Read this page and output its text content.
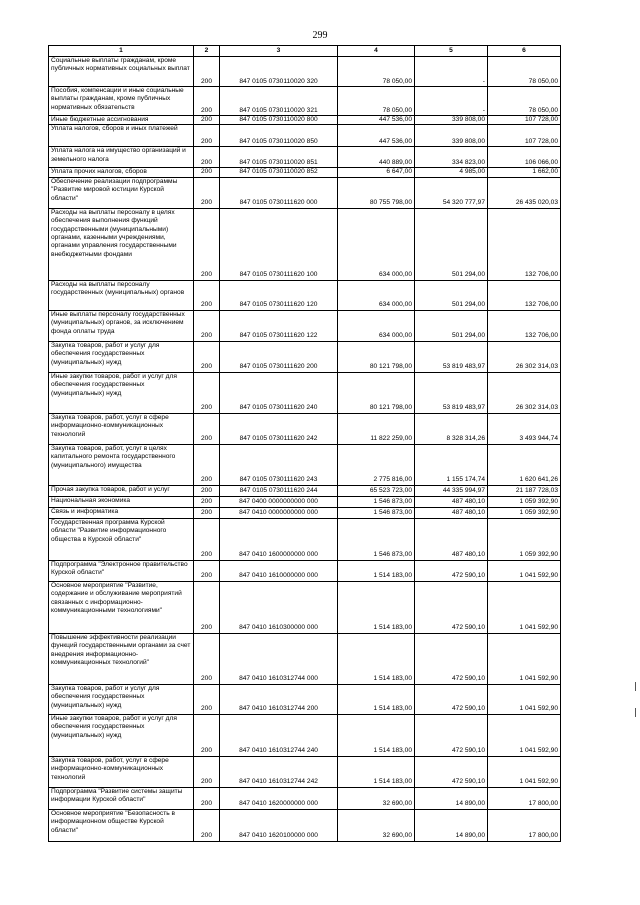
299
1	2	3	4	5	6
Социальные выплаты гражданам, кроме публичных нормативных социальных выплат	200	847 0105 0730110020 320	78 050,00	-	78 050,00
Пособия, компенсации и иные социальные выплаты гражданам, кроме публичных нормативных обязательств	200	847 0105 0730110020 321	78 050,00	-	78 050,00
Иные бюджетные ассигнования	200	847 0105 0730110020 800	447 536,00	339 808,00	107 728,00
Уплата налогов, сборов и иных платежей	200	847 0105 0730110020 850	447 536,00	339 808,00	107 728,00
Уплата налога на имущество организаций и земельного налога	200	847 0105 0730110020 851	440 889,00	334 823,00	106 066,00
Уплата прочих налогов, сборов	200	847 0105 0730110020 852	6 647,00	4 985,00	1 662,00
Обеспечение реализации подпрограммы "Развитие мировой юстиции Курской области"	200	847 0105 0730111620 000	80 755 798,00	54 320 777,97	26 435 020,03
Расходы на выплаты персоналу в целях обеспечения выполнения функций государственными (муниципальными) органами, казенными учреждениями, органами управления государственными внебюджетными фондами	200	847 0105 0730111620 100	634 000,00	501 294,00	132 706,00
Расходы на выплаты персоналу государственных (муниципальных) органов	200	847 0105 0730111620 120	634 000,00	501 294,00	132 706,00
Иные выплаты персоналу государственных (муниципальных) органов, за исключением фонда оплаты труда	200	847 0105 0730111620 122	634 000,00	501 294,00	132 706,00
Закупка товаров, работ и услуг для обеспечения государственных (муниципальных) нужд	200	847 0105 0730111620 200	80 121 798,00	53 819 483,97	26 302 314,03
Иные закупки товаров, работ и услуг для обеспечения государственных (муниципальных) нужд	200	847 0105 0730111620 240	80 121 798,00	53 819 483,97	26 302 314,03
Закупка товаров, работ, услуг в сфере информационно-коммуникационных технологий	200	847 0105 0730111620 242	11 822 259,00	8 328 314,26	3 493 944,74
Закупка товаров, работ, услуг в целях капитального ремонта государственного (муниципального) имущества	200	847 0105 0730111620 243	2 775 816,00	1 155 174,74	1 620 641,26
Прочая закупка товаров, работ и услуг	200	847 0105 0730111620 244	65 523 723,00	44 335 994,97	21 187 728,03
Национальная экономика	200	847 0400 0000000000 000	1 546 873,00	487 480,10	1 059 392,90
Связь и информатика	200	847 0410 0000000000 000	1 546 873,00	487 480,10	1 059 392,90
Государственная программа Курской области "Развитие информационного общества в Курской области"	200	847 0410 1600000000 000	1 546 873,00	487 480,10	1 059 392,90
Подпрограмма "Электронное правительство Курской области"	200	847 0410 1610000000 000	1 514 183,00	472 590,10	1 041 592,90
Основное мероприятие "Развитие, содержание и обслуживание мероприятий связанных с информационно-коммуникационными технологиями"	200	847 0410 1610300000 000	1 514 183,00	472 590,10	1 041 592,90
Повышение эффективности реализации функций государственными органами за счет внедрения информационно-коммуникационных технологий"	200	847 0410 1610312744 000	1 514 183,00	472 590,10	1 041 592,90
Закупка товаров, работ и услуг для обеспечения государственных (муниципальных) нужд	200	847 0410 1610312744 200	1 514 183,00	472 590,10	1 041 592,90
Иные закупки товаров, работ и услуг для обеспечения государственных (муниципальных) нужд	200	847 0410 1610312744 240	1 514 183,00	472 590,10	1 041 592,90
Закупка товаров, работ, услуг в сфере информационно-коммуникационных технологий	200	847 0410 1610312744 242	1 514 183,00	472 590,10	1 041 592,90
Подпрограмма "Развитие системы защиты информации Курской области"	200	847 0410 1620000000 000	32 690,00	14 890,00	17 800,00
Основное мероприятие "Безопасность в информационном обществе Курской области"	200	847 0410 1620100000 000	32 690,00	14 890,00	17 800,00
